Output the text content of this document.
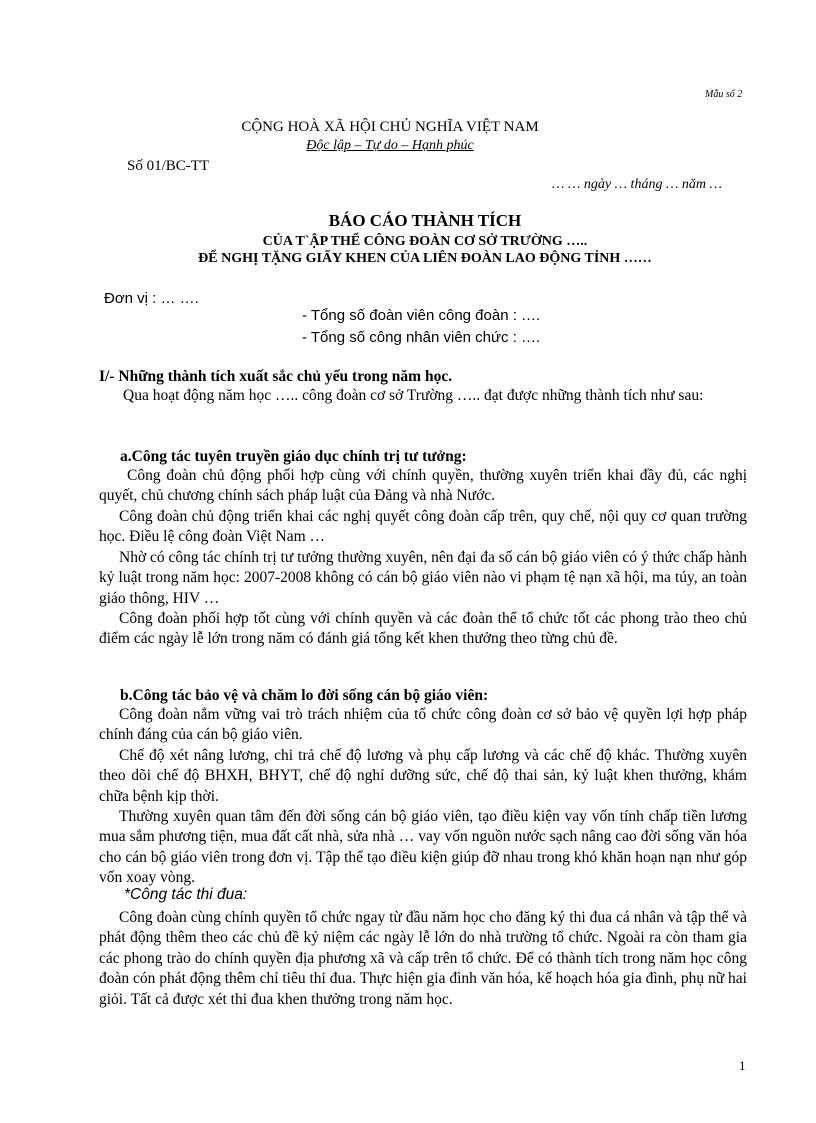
Mẫu số 2
CỘNG HOÀ XÃ HỘI CHỦ NGHĨA VIỆT NAM
Độc lập – Tự do – Hạnh phúc
Số 01/BC-TT
… … ngày … tháng … năm …
BÁO CÁO THÀNH TÍCH
CỦA T`ẬP THỂ CÔNG ĐOÀN CƠ SỞ TRƯỜNG …..
ĐỂ NGHỊ TẶNG GIẤY KHEN CỦA LIÊN ĐOÀN LAO ĐỘNG TỈNH ……
Đơn vị : … ….
- Tổng số đoàn viên công đoàn : ….
- Tổng số công nhân viên chức : ….
I/- Những thành tích xuất sắc chủ yếu trong năm học.
Qua hoạt động năm học ….. công đoàn cơ sở Trường ….. đạt được những thành tích như sau:
a.Công tác tuyên truyền giáo dục chính trị tư tưởng:
Công đoàn chủ động phối hợp cùng với chính quyền, thường xuyên triển khai đầy đủ, các nghị quyết, chủ chương chính sách pháp luật của Đảng và nhà Nước.
Công đoàn chủ động triển khai các nghị quyết công đoàn cấp trên, quy chế, nội quy cơ quan trường học. Điều lệ công đoàn Việt Nam …
Nhờ có công tác chính trị tư tưởng thường xuyên, nên đại đa số cán bộ giáo viên có ý thức chấp hành kỷ luật trong năm học: 2007-2008 không có cán bộ giáo viên nào vi phạm tệ nạn xã hội, ma túy, an toàn giáo thông, HIV …
Công đoàn phối hợp tốt cùng với chính quyền và các đoàn thể tổ chức tốt các phong trào theo chủ điểm các ngày lễ lớn trong năm có đánh giá tổng kết khen thưởng theo từng chủ đề.
b.Công tác bảo vệ và chăm lo đời sống cán bộ giáo viên:
Công đoàn nắm vững vai trò trách nhiệm của tổ chức công đoàn cơ sở bảo vệ quyền lợi hợp pháp chính đáng của cán bộ giáo viên.
Chế độ xét nâng lương, chi trả chế độ lương và phụ cấp lương và các chế độ khác. Thường xuyên theo dõi chế độ BHXH, BHYT, chế độ nghỉ dưỡng sức, chế độ thai sản, kỷ luật khen thưởng, khám chữa bệnh kịp thời.
Thường xuyên quan tâm đến đời sống cán bộ giáo viên, tạo điều kiện vay vốn tính chấp tiền lương mua sắm phương tiện, mua đất cất nhà, sửa nhà … vay vốn nguồn nước sạch nâng cao đời sống văn hóa cho cán bộ giáo viên trong đơn vị. Tập thể tạo điều kiện giúp đỡ nhau trong khó khăn hoạn nạn như góp vốn xoay vòng.
*Công tác thi đua:
Công đoàn cùng chính quyền tổ chức ngay từ đầu năm học cho đăng ký thi đua cá nhân và tập thể và phát động thêm theo các chủ đề kỷ niệm các ngày lễ lớn do nhà trường tổ chức. Ngoài ra còn tham gia các phong trào do chính quyền địa phương xã và cấp trên tổ chức. Để có thành tích trong năm học công đoàn cón phát động thêm chỉ tiêu thi đua. Thực hiện gia đình văn hóa, kế hoạch hóa gia đình, phụ nữ hai giỏi. Tất cả được xét thi đua khen thưởng trong năm học.
1
